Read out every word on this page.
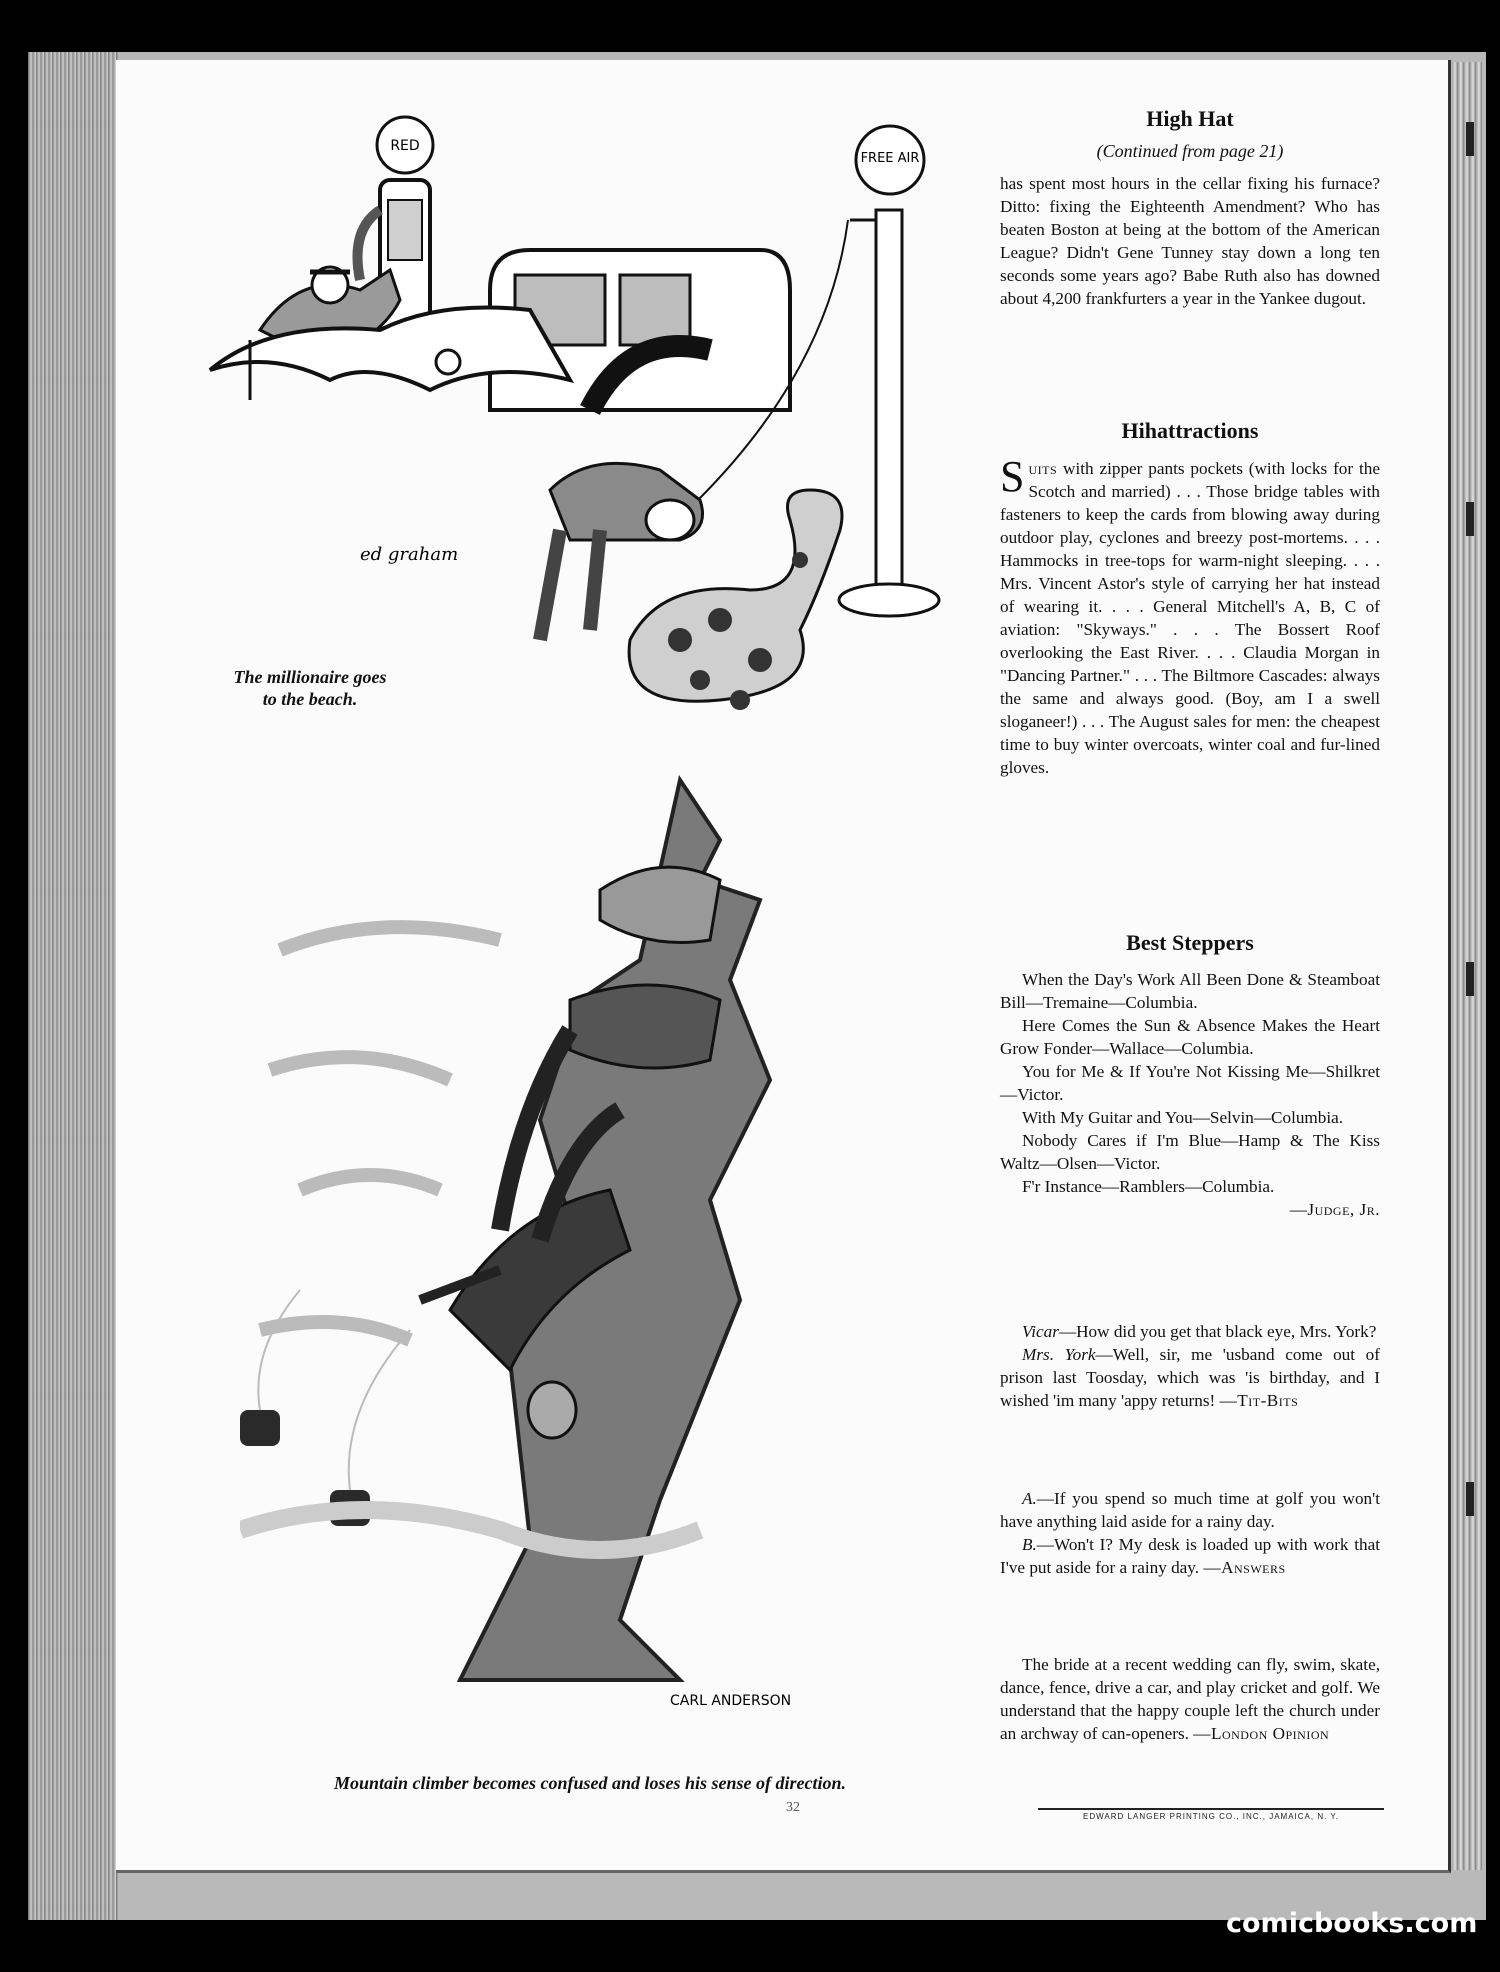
RED
FREE AIR
ed graham
The millionaire goes
to the beach.
CARL ANDERSON
Mountain climber becomes confused and loses his sense of direction.
32
High Hat
(Continued from page 21)

has spent most hours in the cellar fixing his furnace? Ditto: fixing the Eighteenth Amendment? Who has beaten Boston at being at the bottom of the American League? Didn't Gene Tunney stay down a long ten seconds some years ago? Babe Ruth also has downed about 4,200 frankfurters a year in the Yankee dugout.

Hihattractions

Suits with zipper pants pockets (with locks for the Scotch and married) . . . Those bridge tables with fasteners to keep the cards from blowing away during outdoor play, cyclones and breezy post-mortems. . . . Hammocks in tree-tops for warm-night sleeping. . . . Mrs. Vincent Astor's style of carrying her hat instead of wearing it. . . . General Mitchell's A, B, C of aviation: "Skyways." . . . The Bossert Roof overlooking the East River. . . . Claudia Morgan in "Dancing Partner." . . . The Biltmore Cascades: always the same and always good. (Boy, am I a swell sloganeer!) . . . The August sales for men: the cheapest time to buy winter overcoats, winter coal and fur-lined gloves.

Best Steppers

When the Day's Work All Been Done & Steamboat Bill—Tremaine—Columbia.

Here Comes the Sun & Absence Makes the Heart Grow Fonder—Wallace—Columbia.

You for Me & If You're Not Kissing Me—Shilkret—Victor.

With My Guitar and You—Selvin—Columbia.

Nobody Cares if I'm Blue—Hamp & The Kiss Waltz—Olsen—Victor.

F'r Instance—Ramblers—Columbia.

—Judge, Jr.

Vicar—How did you get that black eye, Mrs. York?

Mrs. York—Well, sir, me 'usband come out of prison last Toosday, which was 'is birthday, and I wished 'im many 'appy returns! —Tit-Bits

A.—If you spend so much time at golf you won't have anything laid aside for a rainy day.

B.—Won't I? My desk is loaded up with work that I've put aside for a rainy day. —Answers

The bride at a recent wedding can fly, swim, skate, dance, fence, drive a car, and play cricket and golf. We understand that the happy couple left the church under an archway of can-openers. —London Opinion

EDWARD LANGER PRINTING CO., INC., JAMAICA, N. Y.
comicbooks.com
